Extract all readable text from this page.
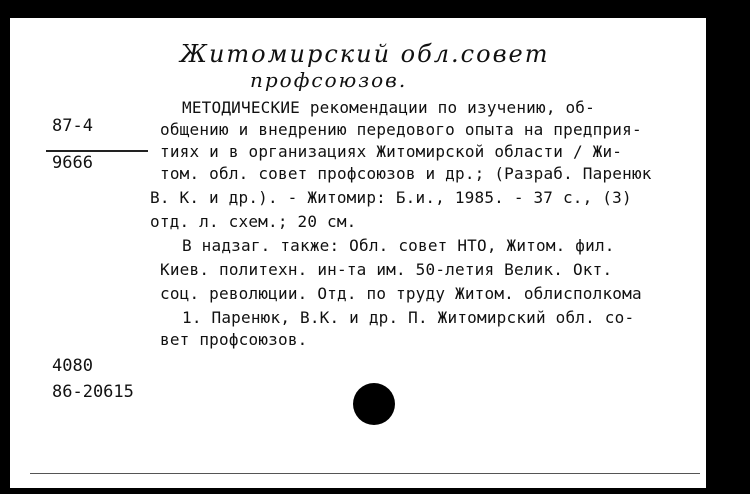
Житомирский обл.совет
профсоюзов.
87-4
9666
МЕТОДИЧЕСКИЕ рекомендации по изучению, об-
общению и внедрению передового опыта на предприя-
тиях и в организациях Житомирской области / Жи-
том. обл. совет профсоюзов и др.; (Разраб. Паренюк
В. К. и др.). - Житомир: Б.и., 1985. - 37 с., (3)
отд. л. схем.; 20 см.
В надзаг. также: Обл. совет НТО, Житом. фил.
Киев. политехн. ин-та им. 50-летия Велик. Окт.
соц. революции. Отд. по труду Житом. облисполкома
1. Паренюк, В.К. и др. П. Житомирский обл. со-
вет профсоюзов.
4080
86-20615
